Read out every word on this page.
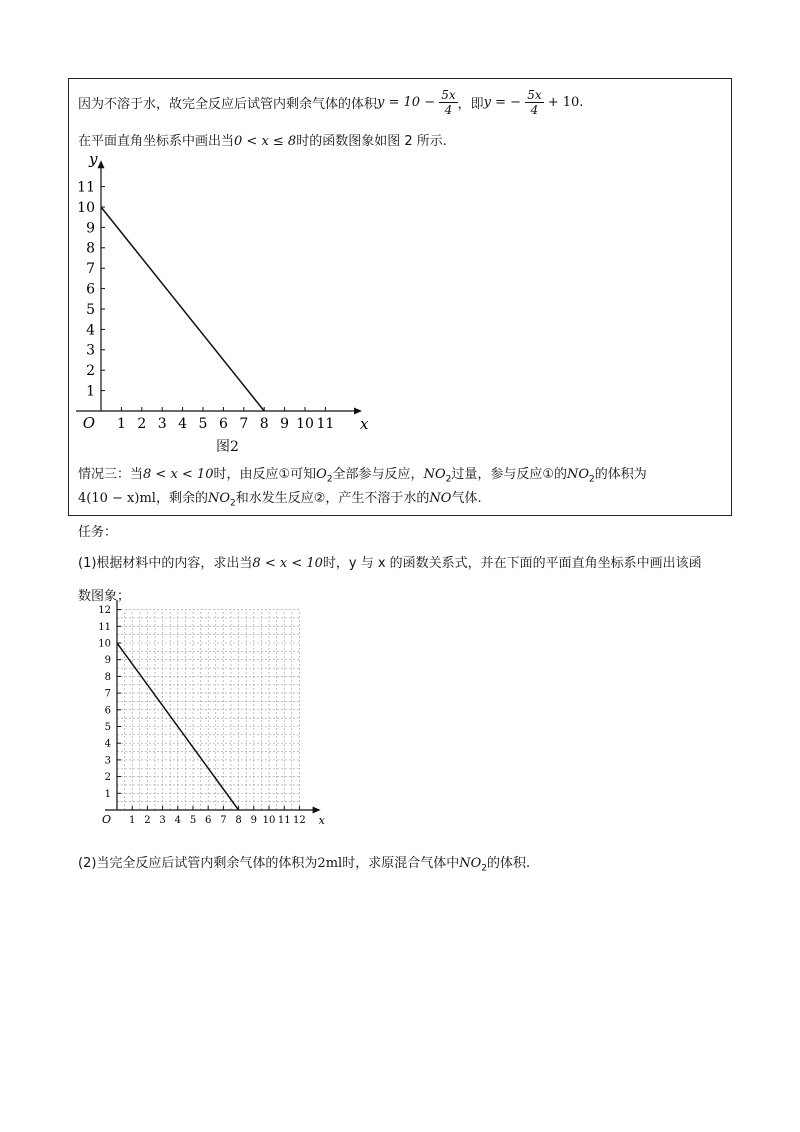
因为不溶于水，故完全反应后试管内剩余气体的体积$y = 10 - \frac{5x}{4}$ ，即y = − $\frac{5x}{4} + 10$.
在平面直角坐标系中画出当0 < x ≤ 8时的函数图象如图 2 所示.
1 2 3 4 5 6 7 8 9 10 11
1
2
3
4
5
6
7
8
9
10
11
O	x
y
图2
情况三：当8 < x < 10时，由反应①可知$O_2$全部参与反应，$NO_2$过量，参与反应①的$NO_2$的体积为
4(10 − x)ml，剩余的$NO_2$和水发生反应②，产生不溶于水的NO气体.
任务：
(1)根据材料中的内容，求出当8 < x < 10时，y 与 x 的函数关系式，并在下面的平面直角坐标系中画出该函
数图象；
1 2 3 4 5 6 7 8 9 10 11 12
1
2
3
4
5
6
7
8
9
10
11
12
O	x
(2)当完全反应后试管内剩余气体的体积为2ml时，求原混合气体中$NO_2$的体积.
